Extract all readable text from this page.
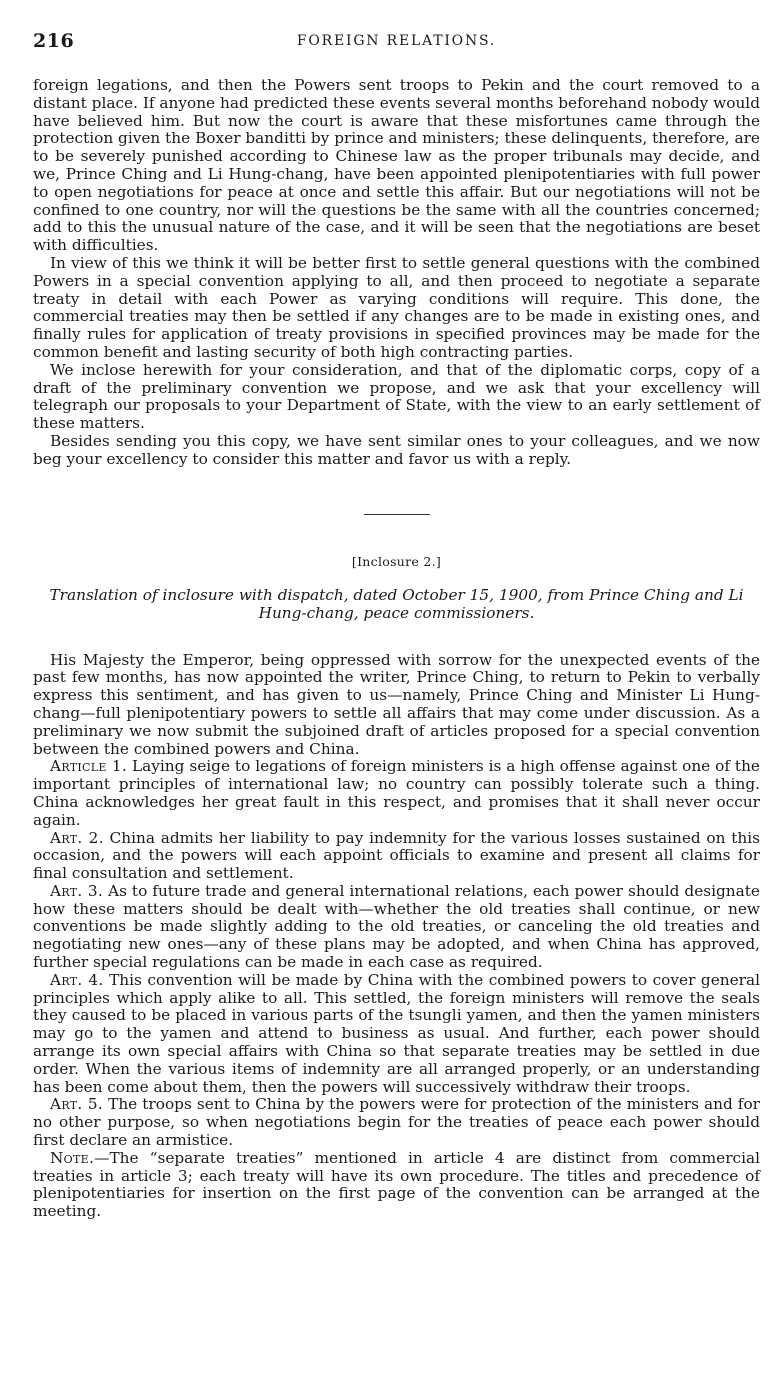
216	FOREIGN RELATIONS.

foreign legations, and then the Powers sent troops to Pekin and the court removed to a distant place. If anyone had predicted these events several months beforehand nobody would have believed him. But now the court is aware that these misfortunes came through the protection given the Boxer banditti by prince and ministers; these delinquents, therefore, are to be severely punished according to Chinese law as the proper tribunals may decide, and we, Prince Ching and Li Hung-chang, have been appointed plenipotentiaries with full power to open negotiations for peace at once and settle this affair. But our negotiations will not be confined to one country, nor will the questions be the same with all the countries concerned; add to this the unusual nature of the case, and it will be seen that the negotiations are beset with difficulties.

In view of this we think it will be better first to settle general questions with the combined Powers in a special convention applying to all, and then proceed to negotiate a separate treaty in detail with each Power as varying conditions will require. This done, the commercial treaties may then be settled if any changes are to be made in existing ones, and finally rules for application of treaty provisions in specified provinces may be made for the common benefit and lasting security of both high contracting parties.

We inclose herewith for your consideration, and that of the diplomatic corps, copy of a draft of the preliminary convention we propose, and we ask that your excellency will telegraph our proposals to your Department of State, with the view to an early settlement of these matters.

Besides sending you this copy, we have sent similar ones to your colleagues, and we now beg your excellency to consider this matter and favor us with a reply.

[Inclosure 2.]
Translation of inclosure with dispatch, dated October 15, 1900, from Prince Ching and Li Hung-chang, peace commissioners.

His Majesty the Emperor, being oppressed with sorrow for the unexpected events of the past few months, has now appointed the writer, Prince Ching, to return to Pekin to verbally express this sentiment, and has given to us—namely, Prince Ching and Minister Li Hung-chang—full plenipotentiary powers to settle all affairs that may come under discussion. As a preliminary we now submit the subjoined draft of articles proposed for a special convention between the combined powers and China.

Article 1. Laying seige to legations of foreign ministers is a high offense against one of the important principles of international law; no country can possibly tolerate such a thing. China acknowledges her great fault in this respect, and promises that it shall never occur again.

Art. 2. China admits her liability to pay indemnity for the various losses sustained on this occasion, and the powers will each appoint officials to examine and present all claims for final consultation and settlement.

Art. 3. As to future trade and general international relations, each power should designate how these matters should be dealt with—whether the old treaties shall continue, or new conventions be made slightly adding to the old treaties, or canceling the old treaties and negotiating new ones—any of these plans may be adopted, and when China has approved, further special regulations can be made in each case as required.

Art. 4. This convention will be made by China with the combined powers to cover general principles which apply alike to all. This settled, the foreign ministers will remove the seals they caused to be placed in various parts of the tsungli yamen, and then the yamen ministers may go to the yamen and attend to business as usual. And further, each power should arrange its own special affairs with China so that separate treaties may be settled in due order. When the various items of indemnity are all arranged properly, or an understanding has been come about them, then the powers will successively withdraw their troops.

Art. 5. The troops sent to China by the powers were for protection of the ministers and for no other purpose, so when negotiations begin for the treaties of peace each power should first declare an armistice.

Note.—The “separate treaties” mentioned in article 4 are distinct from commercial treaties in article 3; each treaty will have its own procedure. The titles and precedence of plenipotentiaries for insertion on the first page of the convention can be arranged at the meeting.
